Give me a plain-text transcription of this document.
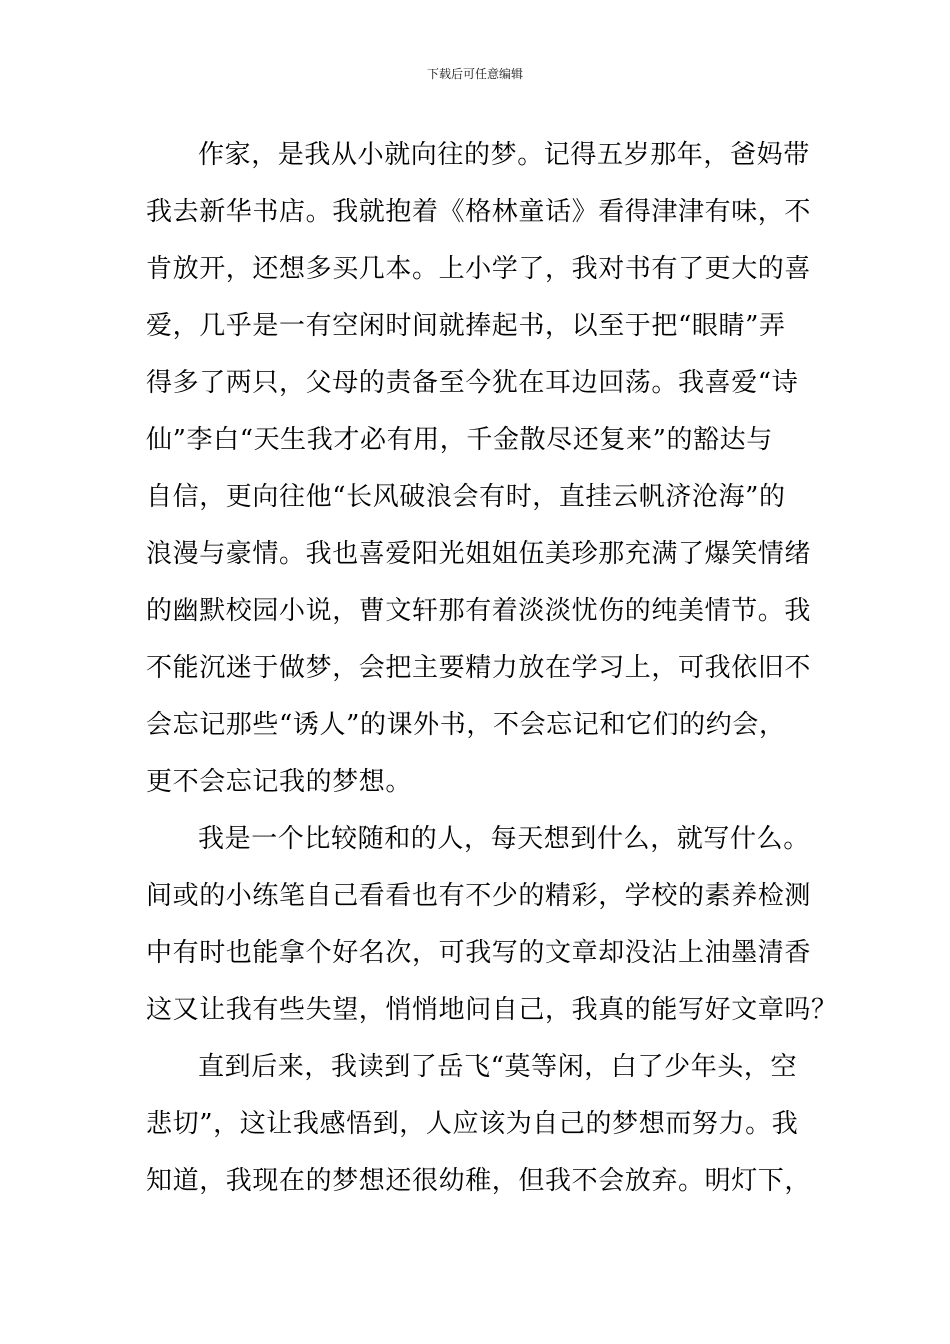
下载后可任意编辑
作家，是我从小就向往的梦。记得五岁那年，爸妈带
我去新华书店。我就抱着《格林童话》看得津津有味，不
肯放开，还想多买几本。上小学了，我对书有了更大的喜
爱，几乎是一有空闲时间就捧起书，以至于把“眼睛”弄
得多了两只，父母的责备至今犹在耳边回荡。我喜爱“诗
仙”李白“天生我才必有用，千金散尽还复来”的豁达与
自信，更向往他“长风破浪会有时，直挂云帆济沧海”的
浪漫与豪情。我也喜爱阳光姐姐伍美珍那充满了爆笑情绪
的幽默校园小说，曹文轩那有着淡淡忧伤的纯美情节。我
不能沉迷于做梦，会把主要精力放在学习上，可我依旧不
会忘记那些“诱人”的课外书，不会忘记和它们的约会，
更不会忘记我的梦想。
我是一个比较随和的人，每天想到什么，就写什么。
间或的小练笔自己看看也有不少的精彩，学校的素养检测
中有时也能拿个好名次，可我写的文章却没沾上油墨清香
这又让我有些失望，悄悄地问自己，我真的能写好文章吗？
直到后来，我读到了岳飞“莫等闲，白了少年头，空
悲切”，这让我感悟到，人应该为自己的梦想而努力。我
知道，我现在的梦想还很幼稚，但我不会放弃。明灯下，
